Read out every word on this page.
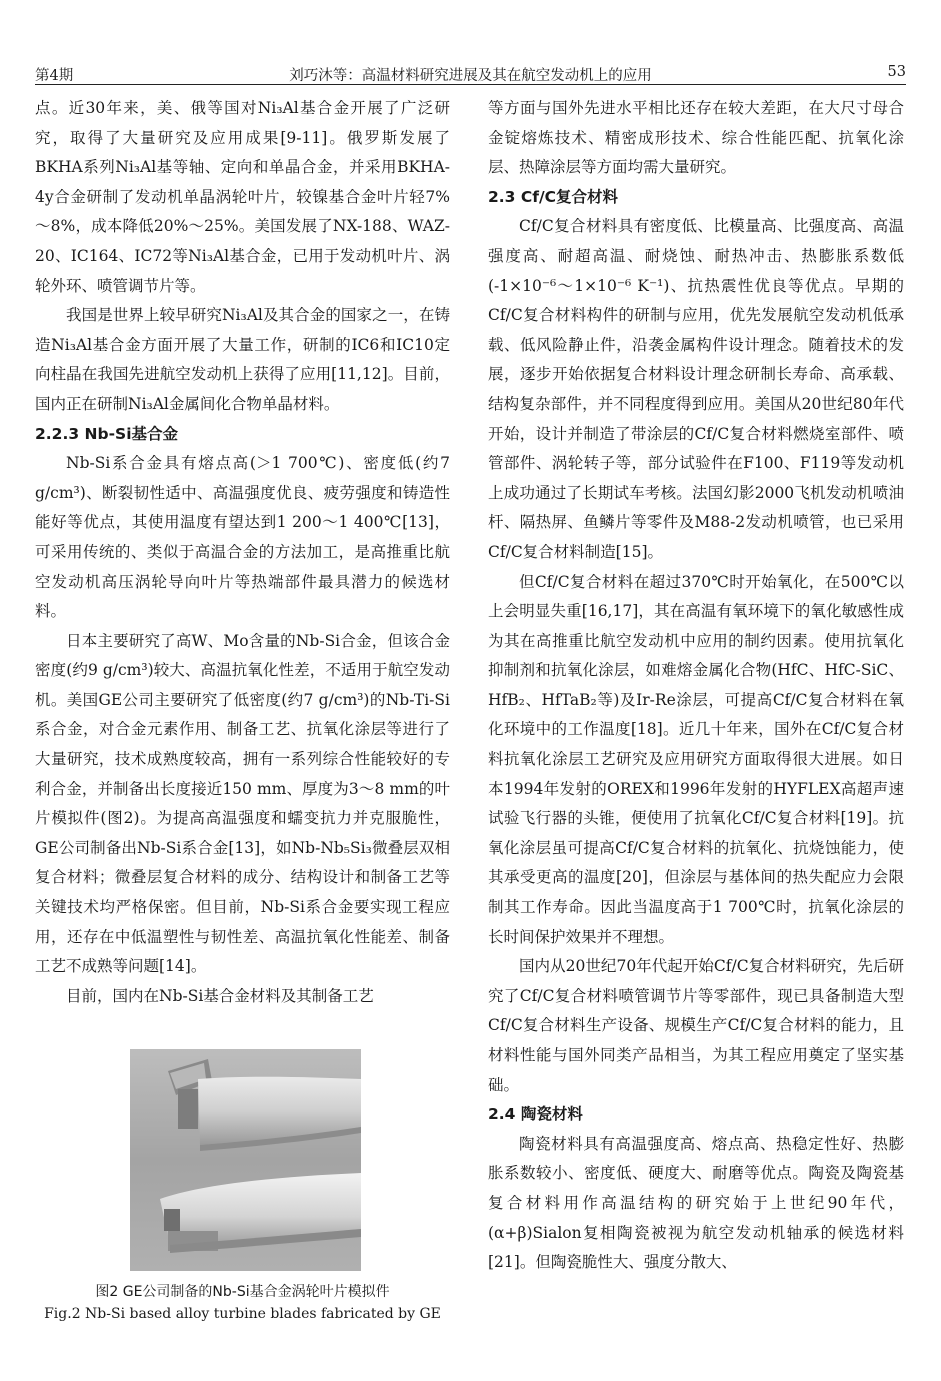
第4期	刘巧沐等：高温材料研究进展及其在航空发动机上的应用	53

点。近30年来，美、俄等国对Ni₃Al基合金开展了广泛研究，取得了大量研究及应用成果[9-11]。俄罗斯发展了BKHA系列Ni₃Al基等轴、定向和单晶合金，并采用BKHA-4y合金研制了发动机单晶涡轮叶片，较镍基合金叶片轻7%～8%，成本降低20%～25%。美国发展了NX-188、WAZ-20、IC164、IC72等Ni₃Al基合金，已用于发动机叶片、涡轮外环、喷管调节片等。

我国是世界上较早研究Ni₃Al及其合金的国家之一，在铸造Ni₃Al基合金方面开展了大量工作，研制的IC6和IC10定向柱晶在我国先进航空发动机上获得了应用[11,12]。目前，国内正在研制Ni₃Al金属间化合物单晶材料。

2.2.3 Nb-Si基合金

Nb-Si系合金具有熔点高(＞1 700℃)、密度低(约7 g/cm³)、断裂韧性适中、高温强度优良、疲劳强度和铸造性能好等优点，其使用温度有望达到1 200～1 400℃[13]，可采用传统的、类似于高温合金的方法加工，是高推重比航空发动机高压涡轮导向叶片等热端部件最具潜力的候选材料。

日本主要研究了高W、Mo含量的Nb-Si合金，但该合金密度(约9 g/cm³)较大、高温抗氧化性差，不适用于航空发动机。美国GE公司主要研究了低密度(约7 g/cm³)的Nb-Ti-Si系合金，对合金元素作用、制备工艺、抗氧化涂层等进行了大量研究，技术成熟度较高，拥有一系列综合性能较好的专利合金，并制备出长度接近150 mm、厚度为3～8 mm的叶片模拟件(图2)。为提高高温强度和蠕变抗力并克服脆性，GE公司制备出Nb-Si系合金[13]，如Nb-Nb₅Si₃微叠层双相复合材料；微叠层复合材料的成分、结构设计和制备工艺等关键技术均严格保密。但目前，Nb-Si系合金要实现工程应用，还存在中低温塑性与韧性差、高温抗氧化性能差、制备工艺不成熟等问题[14]。

目前，国内在Nb-Si基合金材料及其制备工艺

图2 GE公司制备的Nb-Si基合金涡轮叶片模拟件
Fig.2 Nb-Si based alloy turbine blades fabricated by GE

等方面与国外先进水平相比还存在较大差距，在大尺寸母合金锭熔炼技术、精密成形技术、综合性能匹配、抗氧化涂层、热障涂层等方面均需大量研究。

2.3 Cf/C复合材料

Cf/C复合材料具有密度低、比模量高、比强度高、高温强度高、耐超高温、耐烧蚀、耐热冲击、热膨胀系数低(-1×10⁻⁶～1×10⁻⁶ K⁻¹)、抗热震性优良等优点。早期的Cf/C复合材料构件的研制与应用，优先发展航空发动机低承载、低风险静止件，沿袭金属构件设计理念。随着技术的发展，逐步开始依据复合材料设计理念研制长寿命、高承载、结构复杂部件，并不同程度得到应用。美国从20世纪80年代开始，设计并制造了带涂层的Cf/C复合材料燃烧室部件、喷管部件、涡轮转子等，部分试验件在F100、F119等发动机上成功通过了长期试车考核。法国幻影2000飞机发动机喷油杆、隔热屏、鱼鳞片等零件及M88-2发动机喷管，也已采用Cf/C复合材料制造[15]。

但Cf/C复合材料在超过370℃时开始氧化，在500℃以上会明显失重[16,17]，其在高温有氧环境下的氧化敏感性成为其在高推重比航空发动机中应用的制约因素。使用抗氧化抑制剂和抗氧化涂层，如难熔金属化合物(HfC、HfC-SiC、HfB₂、HfTaB₂等)及Ir-Re涂层，可提高Cf/C复合材料在氧化环境中的工作温度[18]。近几十年来，国外在Cf/C复合材料抗氧化涂层工艺研究及应用研究方面取得很大进展。如日本1994年发射的OREX和1996年发射的HYFLEX高超声速试验飞行器的头锥，便使用了抗氧化Cf/C复合材料[19]。抗氧化涂层虽可提高Cf/C复合材料的抗氧化、抗烧蚀能力，使其承受更高的温度[20]，但涂层与基体间的热失配应力会限制其工作寿命。因此当温度高于1 700℃时，抗氧化涂层的长时间保护效果并不理想。

国内从20世纪70年代起开始Cf/C复合材料研究，先后研究了Cf/C复合材料喷管调节片等零部件，现已具备制造大型Cf/C复合材料生产设备、规模生产Cf/C复合材料的能力，且材料性能与国外同类产品相当，为其工程应用奠定了坚实基础。

2.4 陶瓷材料

陶瓷材料具有高温强度高、熔点高、热稳定性好、热膨胀系数较小、密度低、硬度大、耐磨等优点。陶瓷及陶瓷基复合材料用作高温结构的研究始于上世纪90年代，(α+β)Sialon复相陶瓷被视为航空发动机轴承的候选材料[21]。但陶瓷脆性大、强度分散大、
